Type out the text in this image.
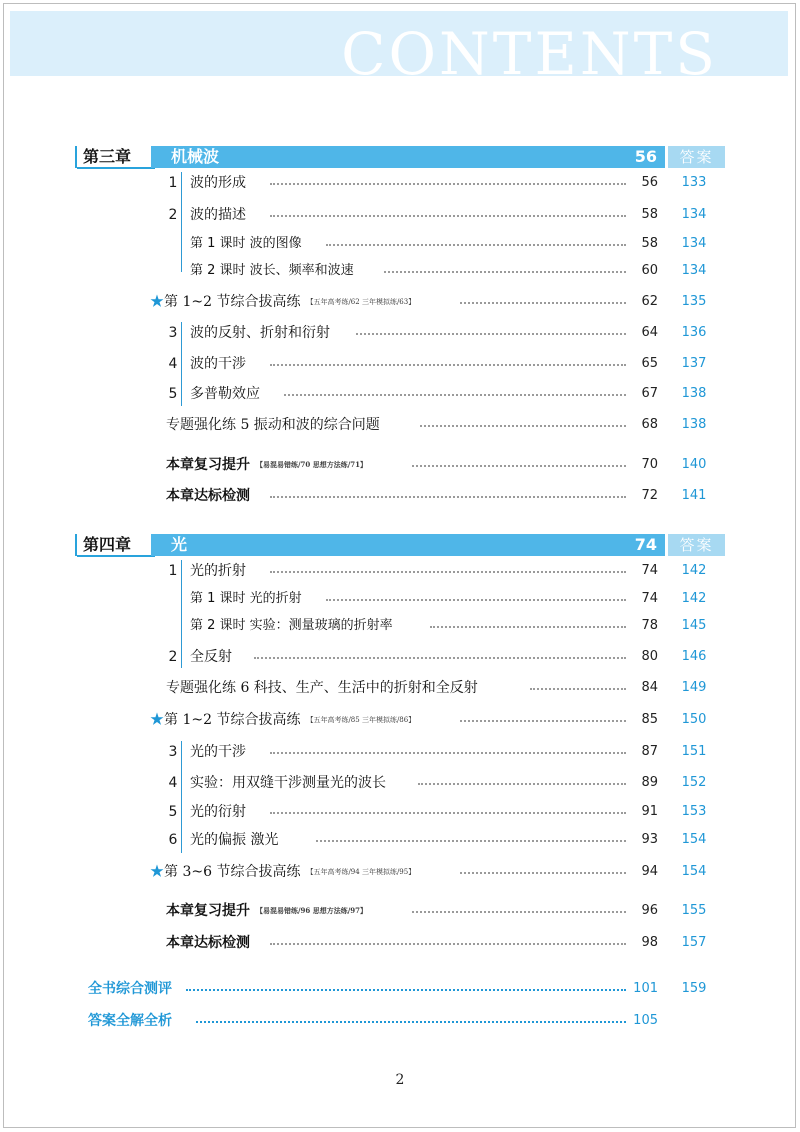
CONTENTS
第三章	机械波	56	答案
1 波的形成	56	133
2 波的描述	58	134
第 1 课时 波的图像	58	134
第 2 课时 波长、频率和波速	60	134
★第 1~2 节综合拔高练 【五年高考练/62 三年模拟练/63】	62	135
3 波的反射、折射和衍射	64	136
4 波的干涉	65	137
5 多普勒效应	67	138
专题强化练 5 振动和波的综合问题	68	138
本章复习提升 【易混易错练/70 思想方法练/71】	70	140
本章达标检测	72	141
第四章	光	74	答案
1 光的折射	74	142
第 1 课时 光的折射	74	142
第 2 课时 实验：测量玻璃的折射率	78	145
2 全反射	80	146
专题强化练 6 科技、生产、生活中的折射和全反射	84	149
★第 1~2 节综合拔高练 【五年高考练/85 三年模拟练/86】	85	150
3 光的干涉	87	151
4 实验：用双缝干涉测量光的波长	89	152
5 光的衍射	91	153
6 光的偏振 激光	93	154
★第 3~6 节综合拔高练 【五年高考练/94 三年模拟练/95】	94	154
本章复习提升 【易混易错练/96 思想方法练/97】	96	155
本章达标检测	98	157
全书综合测评	101	159
答案全解全析	105
2
